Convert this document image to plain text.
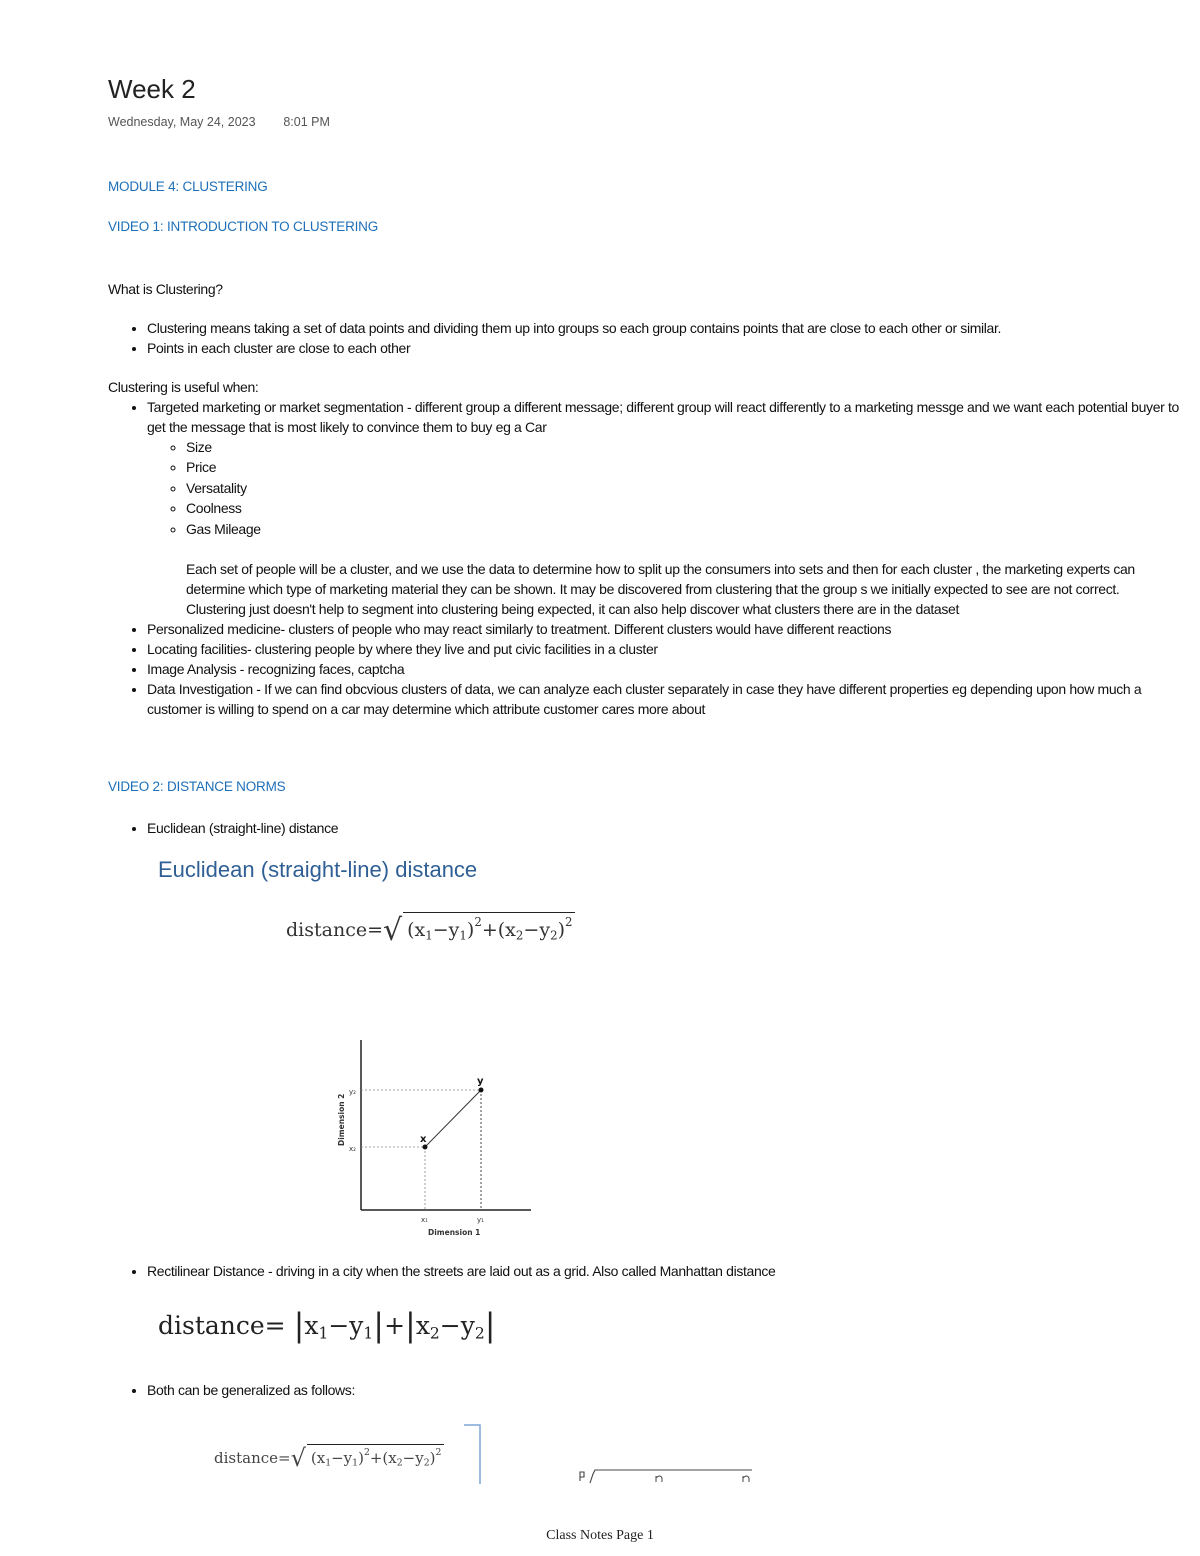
Week 2
Wednesday, May 24, 2023 8:01 PM
MODULE 4: CLUSTERING
VIDEO 1: INTRODUCTION TO CLUSTERING
What is Clustering?
• Clustering means taking a set of data points and dividing them up into groups so each group contains points that are close to each other or similar.
• Points in each cluster are close to each other
Clustering is useful when:
• Targeted marketing or market segmentation - different group a different message; different group will react differently to a marketing messge and we want each potential buyer to get the message that is most likely to convince them to buy eg a Car
◦ Size
◦ Price
◦ Versatality
◦ Coolness
◦ Gas Mileage

Each set of people will be a cluster, and we use the data to determine how to split up the consumers into sets and then for each cluster , the marketing experts can determine which type of marketing material they can be shown. It may be discovered from clustering that the group s we initially expected to see are not correct.

Clustering just doesn't help to segment into clustering being expected, it can also help discover what clusters there are in the dataset

• Personalized medicine- clusters of people who may react similarly to treatment. Different clusters would have different reactions
• Locating facilities- clustering people by where they live and put civic facilities in a cluster
• Image Analysis - recognizing faces, captcha
• Data Investigation - If we can find obcvious clusters of data, we can analyze each cluster separately in case they have different properties eg depending upon how much a customer is willing to spend on a car may determine which attribute customer cares more about
VIDEO 2: DISTANCE NORMS
• Euclidean (straight-line) distance
Euclidean (straight-line) distance
distance=√ $(x_1-y_1)^2+(x_2-y_2)^2$
x
y
y₂
x₂
x₁	y₁
Dimension 1
Dimension 2
• Rectilinear Distance - driving in a city when the streets are laid out as a grid. Also called Manhattan distance
distance= $|x_1-y_1|+|x_2-y_2|$
• Both can be generalized as follows:
distance=√ $(x_1-y_1)^2+(x_2-y_2)^2$
Class Notes Page 1
